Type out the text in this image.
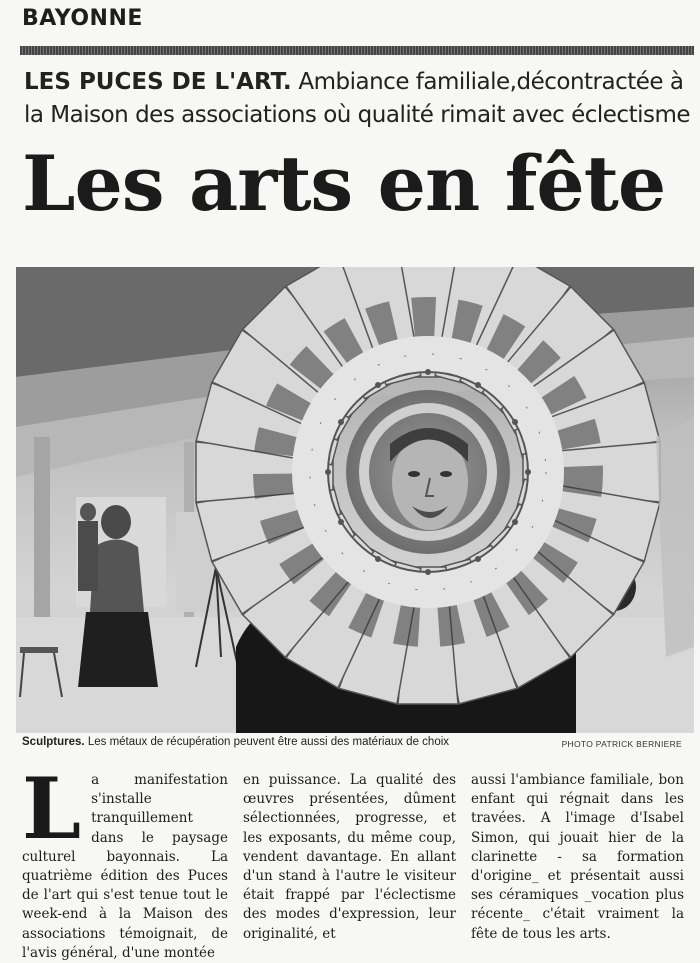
BAYONNE
LES PUCES DE L'ART. Ambiance familiale,décontractée à la Maison des associations où qualité rimait avec éclectisme
Les arts en fête
Sculptures. Les métaux de récupération peuvent être aussi des matériaux de choix	PHOTO PATRICK BERNIERE
La manifestation s'installe tranquillement dans le paysage culturel bayonnais. La quatrième édition des Puces de l'art qui s'est tenue tout le week-end à la Maison des associations témoignait, de l'avis général, d'une montée
en puissance. La qualité des œuvres présentées, dûment sélectionnées, progresse, et les exposants, du même coup, vendent davantage. En allant d'un stand à l'autre le visiteur était frappé par l'éclectisme des modes d'expression, leur originalité, et
aussi l'ambiance familiale, bon enfant qui régnait dans les travées. A l'image d'Isabel Simon, qui jouait hier de la clarinette - sa formation d'origine_ et présentait aussi ses céramiques _vocation plus récente_ c'était vraiment la fête de tous les arts.
